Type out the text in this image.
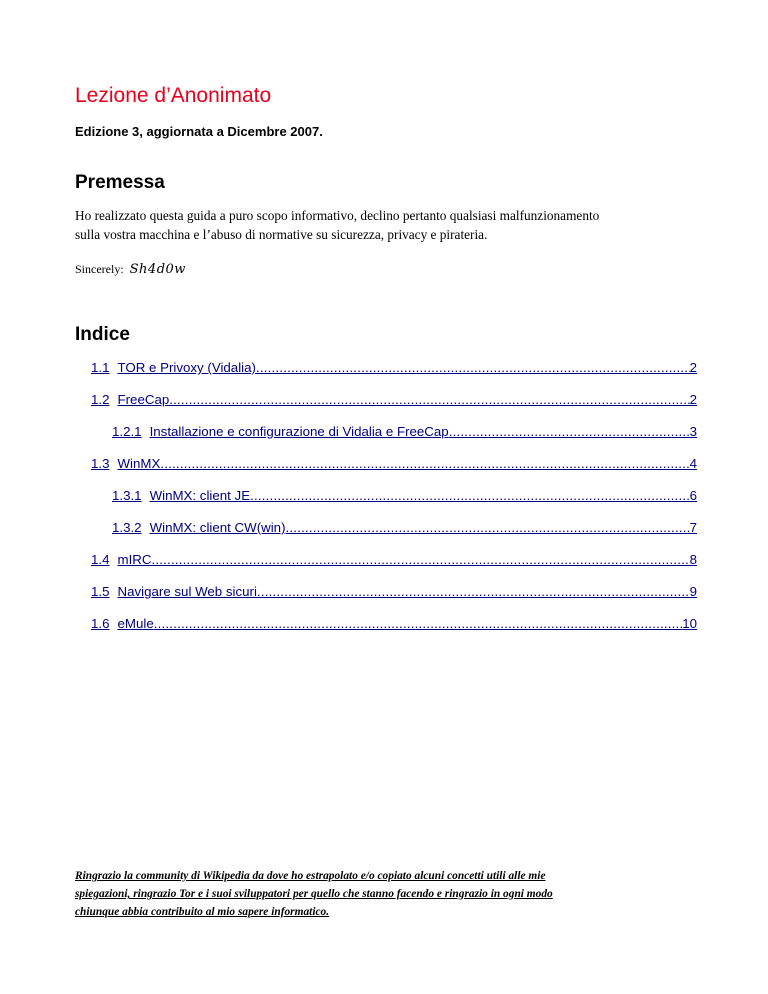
Lezione d’Anonimato

Edizione 3, aggiornata a Dicembre 2007.

Premessa

Ho realizzato questa guida a puro scopo informativo, declino pertanto qualsiasi malfunzionamento
sulla vostra macchina e l’abuso di normative su sicurezza, privacy e pirateria.

Sincerely: Sh4d0w
Indice
1.1 TOR e Privoxy (Vidalia) .....	2
1.2 FreeCap .....	2
1.2.1 Installazione e configurazione di Vidalia e FreeCap .....	3
1.3 WinMX .....	4
1.3.1 WinMX: client JE .....	6
1.3.2 WinMX: client CW(win) .....	7
1.4 mIRC .....	8
1.5 Navigare sul Web sicuri .....	9
1.6 eMule .....	10

Ringrazio la community di Wikipedia da dove ho estrapolato e/o copiato alcuni concetti utili alle mie
spiegazioni, ringrazio Tor e i suoi sviluppatori per quello che stanno facendo e ringrazio in ogni modo
chiunque abbia contribuito al mio sapere informatico.
